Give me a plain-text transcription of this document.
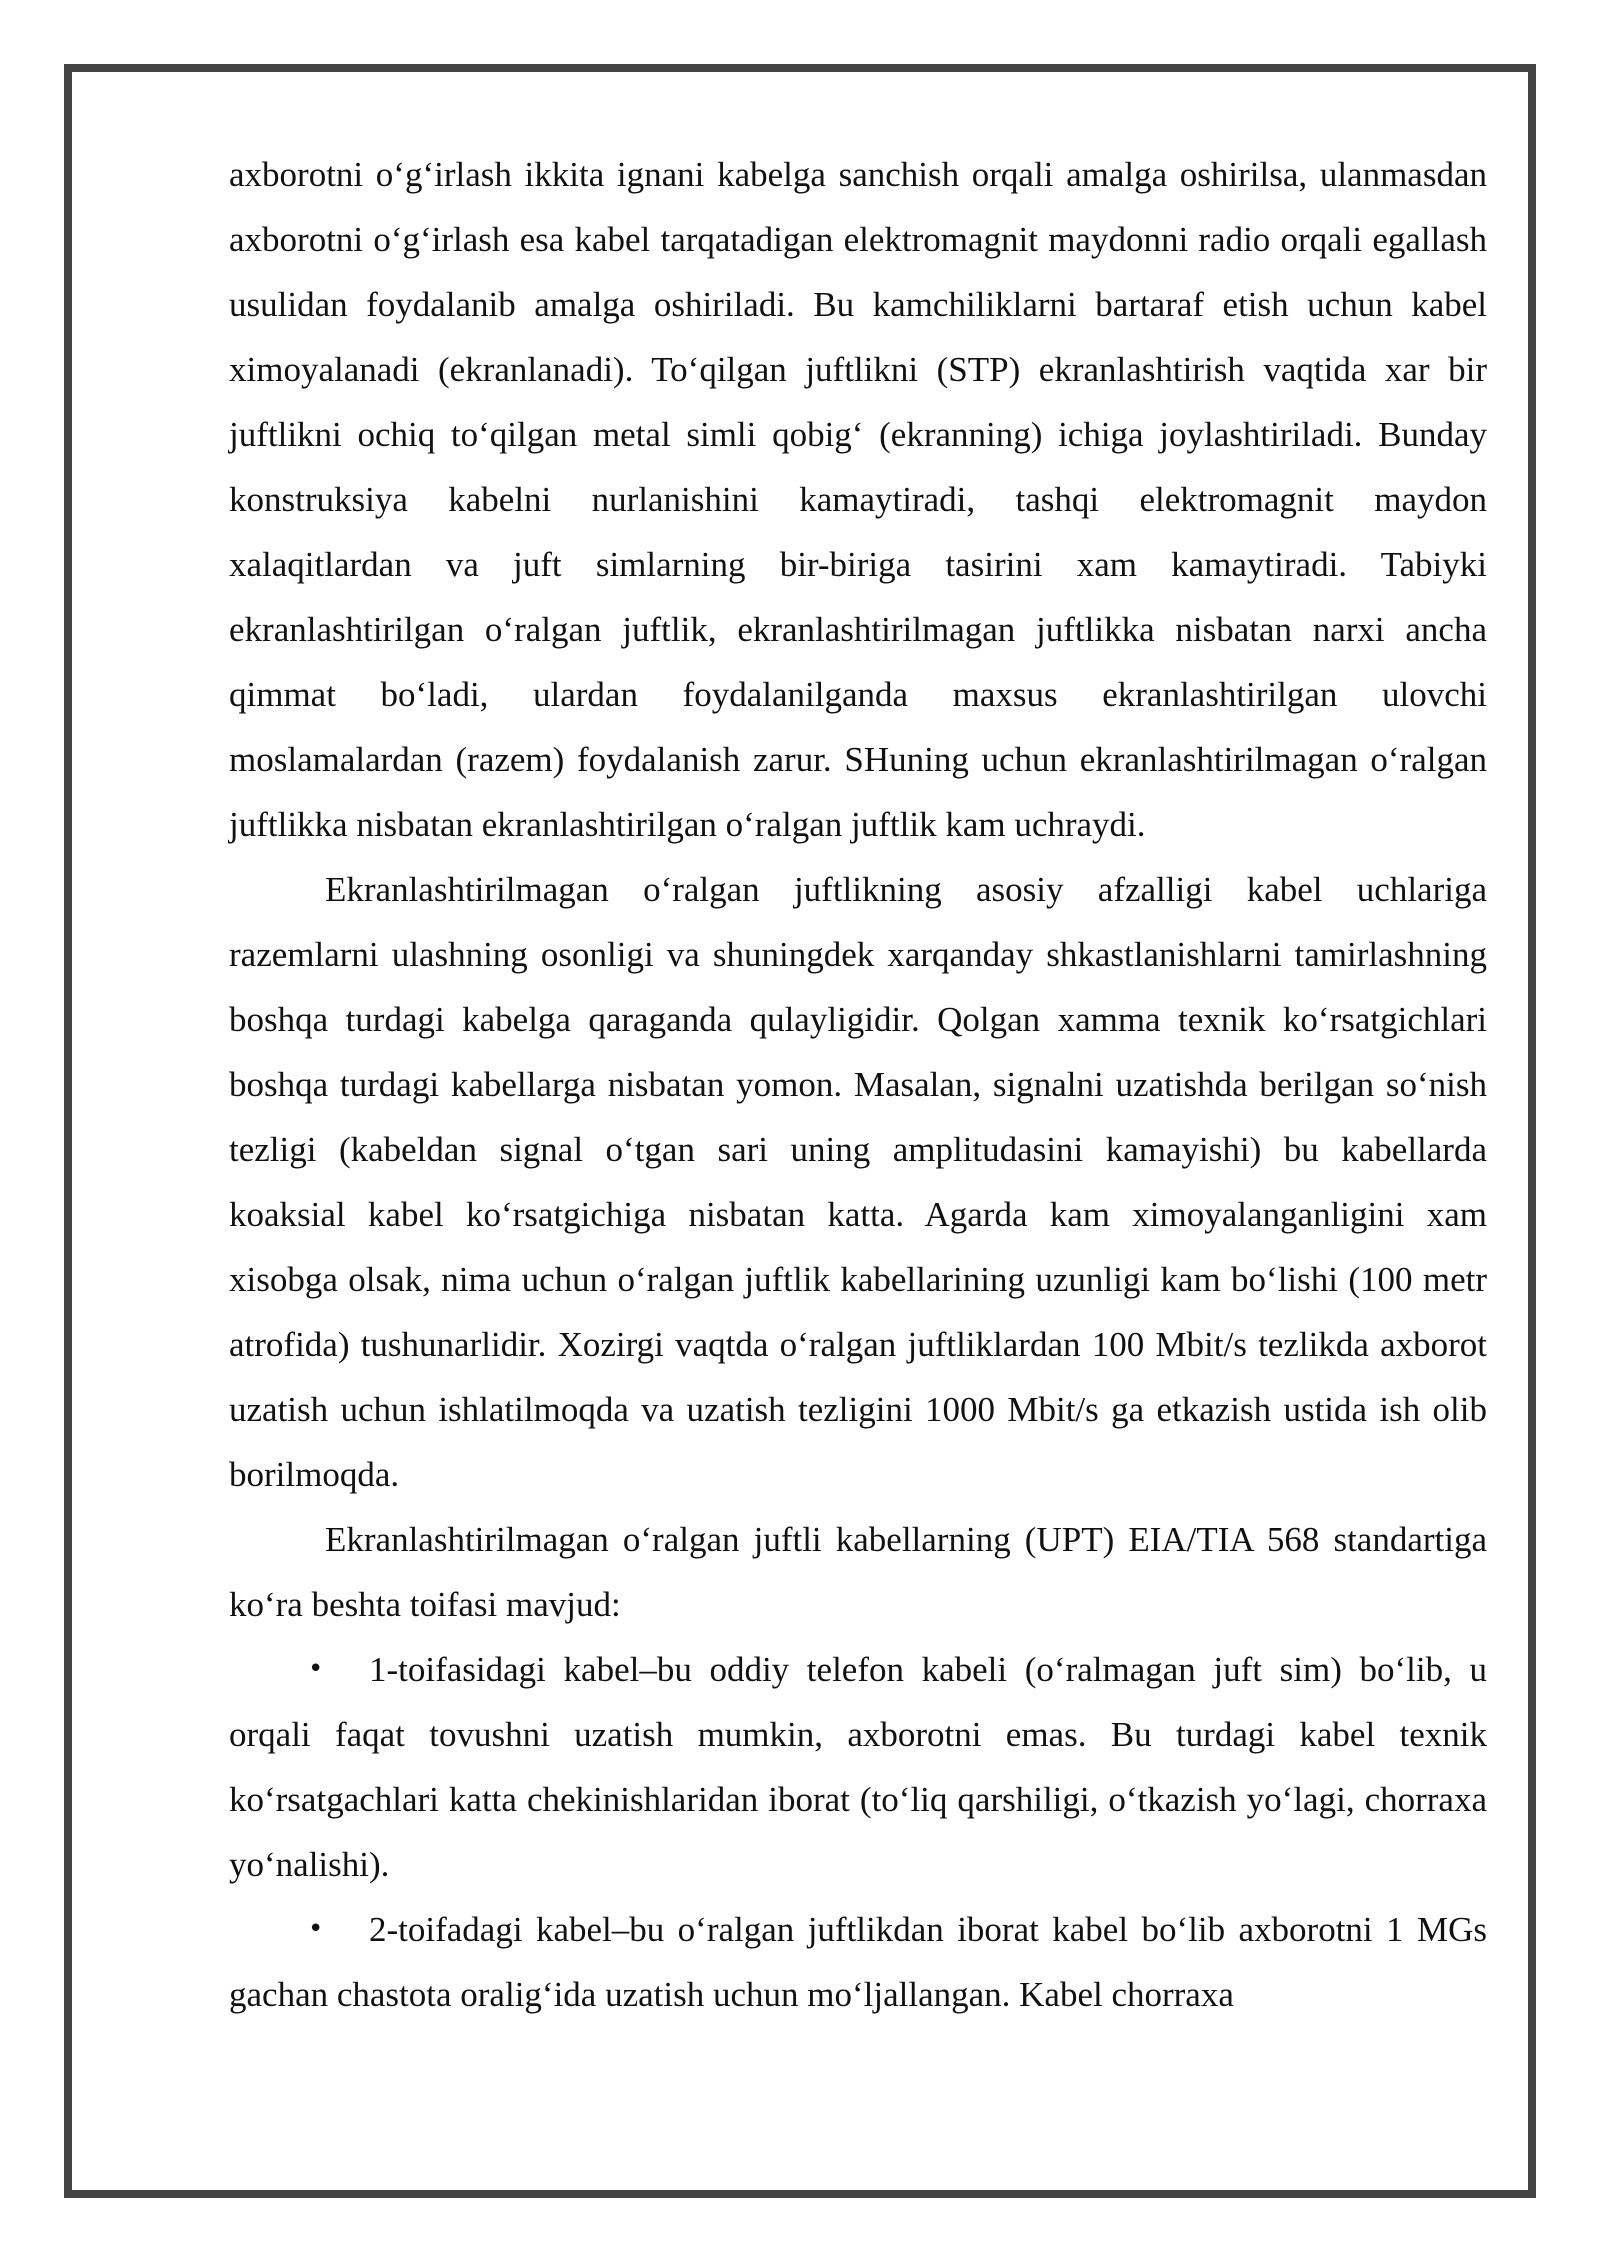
axborotni o‘g‘irlash ikkita ignani kabelga sanchish orqali amalga oshirilsa, ulanmasdan axborotni o‘g‘irlash esa kabel tarqatadigan elektromagnit maydonni radio orqali egallash usulidan foydalanib amalga oshiriladi. Bu kamchiliklarni bartaraf etish uchun kabel ximoyalanadi (ekranlanadi). To‘qilgan juftlikni (STP) ekranlashtirish vaqtida xar bir juftlikni ochiq to‘qilgan metal simli qobig‘ (ekranning) ichiga joylashtiriladi. Bunday konstruksiya kabelni nurlanishini kamaytiradi, tashqi elektromagnit maydon xalaqitlardan va juft simlarning bir-biriga tasirini xam kamaytiradi. Tabiyki ekranlashtirilgan o‘ralgan juftlik, ekranlashtirilmagan juftlikka nisbatan narxi ancha qimmat bo‘ladi, ulardan foydalanilganda maxsus ekranlashtirilgan ulovchi moslamalardan (razem) foydalanish zarur. SHuning uchun ekranlashtirilmagan o‘ralgan juftlikka nisbatan ekranlashtirilgan o‘ralgan juftlik kam uchraydi.

Ekranlashtirilmagan o‘ralgan juftlikning asosiy afzalligi kabel uchlariga razemlarni ulashning osonligi va shuningdek xarqanday shkastlanishlarni tamirlashning boshqa turdagi kabelga qaraganda qulayligidir. Qolgan xamma texnik ko‘rsatgichlari boshqa turdagi kabellarga nisbatan yomon. Masalan, signalni uzatishda berilgan so‘nish tezligi (kabeldan signal o‘tgan sari uning amplitudasini kamayishi) bu kabellarda koaksial kabel ko‘rsatgichiga nisbatan katta. Agarda kam ximoyalanganligini xam xisobga olsak, nima uchun o‘ralgan juftlik kabellarining uzunligi kam bo‘lishi (100 metr atrofida) tushunarlidir. Xozirgi vaqtda o‘ralgan juftliklardan 100 Mbit/s tezlikda axborot uzatish uchun ishlatilmoqda va uzatish tezligini 1000 Mbit/s ga etkazish ustida ish olib borilmoqda.

Ekranlashtirilmagan o‘ralgan juftli kabellarning (UPT) EIA/TIA 568 standartiga ko‘ra beshta toifasi mavjud:

• 1-toifasidagi kabel–bu oddiy telefon kabeli (o‘ralmagan juft sim) bo‘lib, u orqali faqat tovushni uzatish mumkin, axborotni emas. Bu turdagi kabel texnik ko‘rsatgachlari katta chekinishlaridan iborat (to‘liq qarshiligi, o‘tkazish yo‘lagi, chorraxa yo‘nalishi).

• 2-toifadagi kabel–bu o‘ralgan juftlikdan iborat kabel bo‘lib axborotni 1 MGs gachan chastota oralig‘ida uzatish uchun mo‘ljallangan. Kabel chorraxa
